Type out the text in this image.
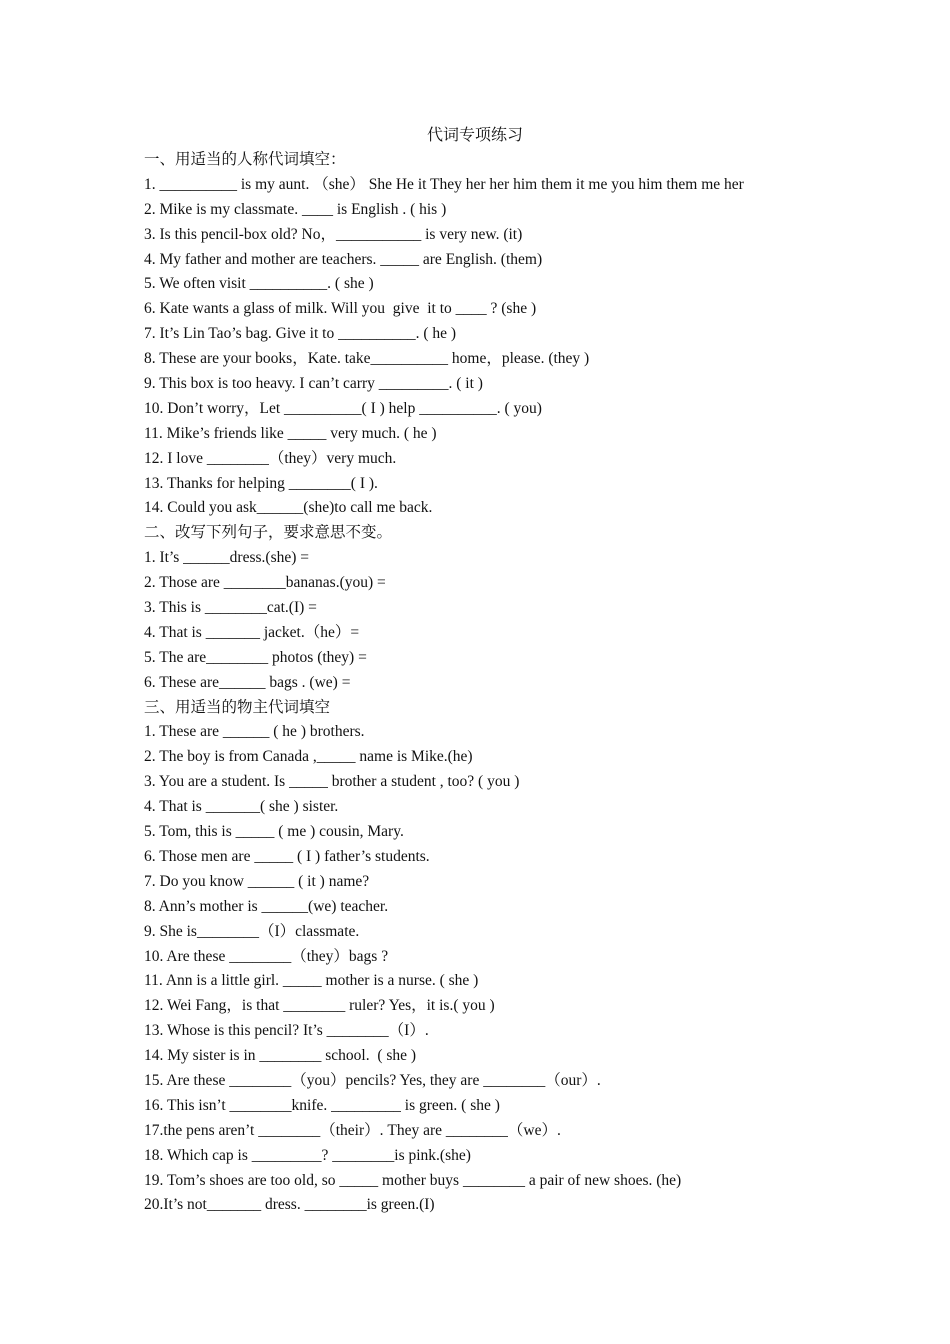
代词专项练习
一、用适当的人称代词填空：
1. __________ is my aunt. （she） She He it They her her him them it me you him them me her
2. Mike is my classmate. ____ is English . ( his )
3. Is this pencil-box old? No，___________ is very new. (it)
4. My father and mother are teachers. _____ are English. (them)
5. We often visit __________. ( she )
6. Kate wants a glass of milk. Will you  give  it to ____ ? (she )
7. It’s Lin Tao’s bag. Give it to __________. ( he )
8. These are your books，Kate. take__________ home，please. (they )
9. This box is too heavy. I can’t carry _________. ( it )
10. Don’t worry，Let __________( I ) help __________. ( you)
11. Mike’s friends like _____ very much. ( he )
12. I love ________（they）very much.
13. Thanks for helping ________( I ).
14. Could you ask______(she)to call me back.
二、改写下列句子，要求意思不变。
1. It’s ______dress.(she) =
2. Those are ________bananas.(you) =
3. This is ________cat.(I) =
4. That is _______ jacket.（he）=
5. The are________ photos (they) =
6. These are______ bags . (we) =
三、用适当的物主代词填空
1. These are ______ ( he ) brothers.
2. The boy is from Canada ,_____ name is Mike.(he)
3. You are a student. Is _____ brother a student , too? ( you )
4. That is _______( she ) sister.
5. Tom, this is _____ ( me ) cousin, Mary.
6. Those men are _____ ( I ) father’s students.
7. Do you know ______ ( it ) name?
8. Ann’s mother is ______(we) teacher.
9. She is________（I）classmate.
10. Are these ________（they）bags ?
11. Ann is a little girl. _____ mother is a nurse. ( she )
12. Wei Fang，is that ________ ruler? Yes，it is.( you )
13. Whose is this pencil? It’s ________（I）.
14. My sister is in ________ school.  ( she )
15. Are these ________（you）pencils? Yes, they are ________（our）.
16. This isn’t ________knife. _________ is green. ( she )
17.the pens aren’t ________（their）. They are ________（we）.
18. Which cap is _________? ________is pink.(she)
19. Tom’s shoes are too old, so _____ mother buys ________ a pair of new shoes. (he)
20.It’s not_______ dress. ________is green.(I)
